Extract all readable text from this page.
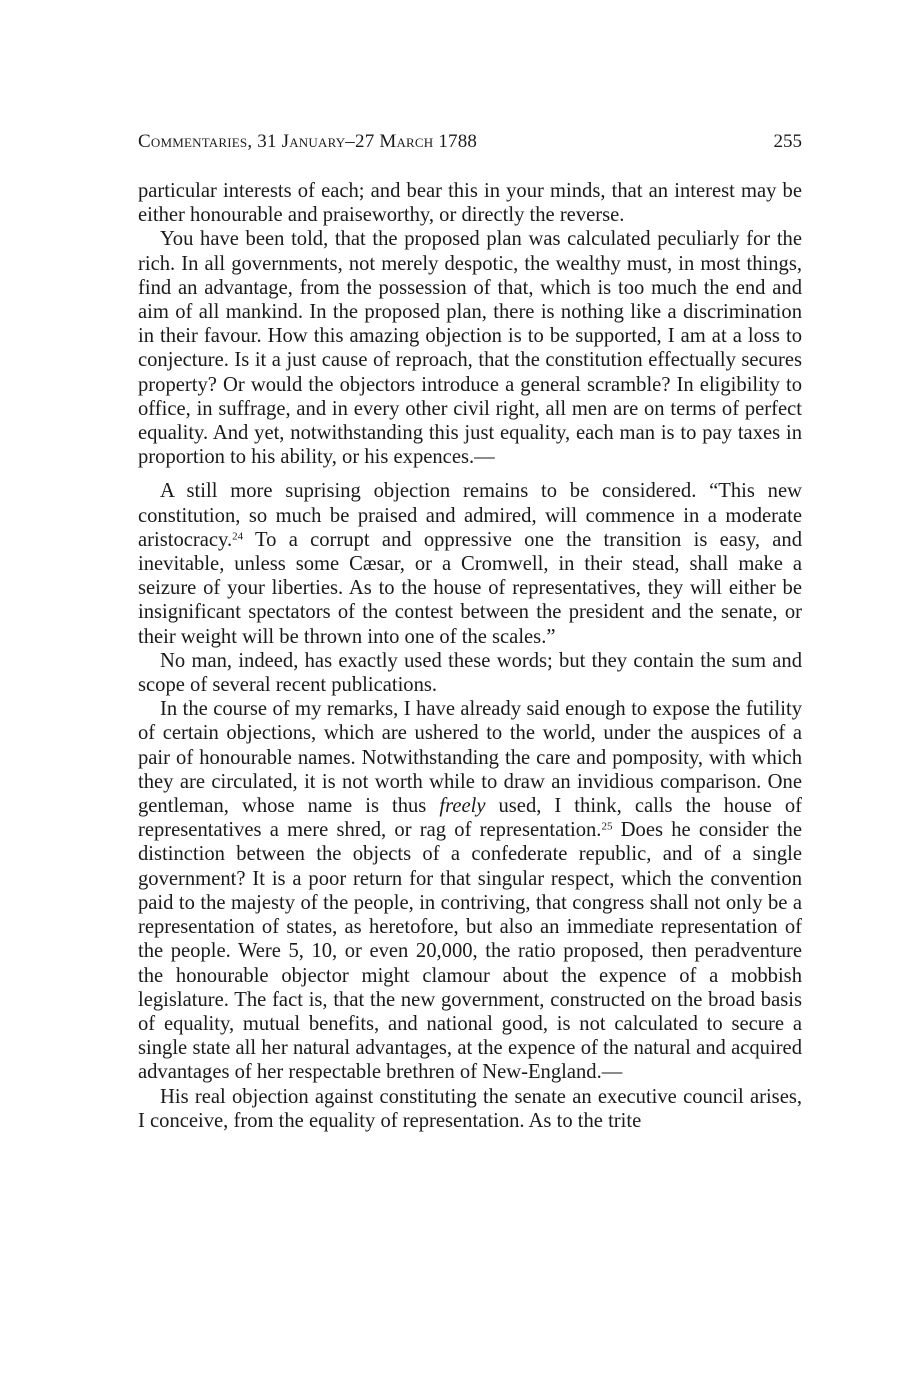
Commentaries, 31 January–27 March 1788	255

particular interests of each; and bear this in your minds, that an interest may be either honourable and praiseworthy, or directly the reverse.

You have been told, that the proposed plan was calculated peculiarly for the rich. In all governments, not merely despotic, the wealthy must, in most things, find an advantage, from the possession of that, which is too much the end and aim of all mankind. In the proposed plan, there is nothing like a discrimination in their favour. How this amazing objection is to be supported, I am at a loss to conjecture. Is it a just cause of reproach, that the constitution effectually secures property? Or would the objectors introduce a general scramble? In eligibility to office, in suffrage, and in every other civil right, all men are on terms of perfect equality. And yet, notwithstanding this just equality, each man is to pay taxes in proportion to his ability, or his expences.—

A still more suprising objection remains to be considered. “This new constitution, so much be praised and admired, will commence in a moderate aristocracy.$^{24}$ To a corrupt and oppressive one the transition is easy, and inevitable, unless some Cæsar, or a Cromwell, in their stead, shall make a seizure of your liberties. As to the house of representatives, they will either be insignificant spectators of the contest between the president and the senate, or their weight will be thrown into one of the scales.”

No man, indeed, has exactly used these words; but they contain the sum and scope of several recent publications.

In the course of my remarks, I have already said enough to expose the futility of certain objections, which are ushered to the world, under the auspices of a pair of honourable names. Notwithstanding the care and pomposity, with which they are circulated, it is not worth while to draw an invidious comparison. One gentleman, whose name is thus freely used, I think, calls the house of representatives a mere shred, or rag of representation.$^{25}$ Does he consider the distinction between the objects of a confederate republic, and of a single government? It is a poor return for that singular respect, which the convention paid to the majesty of the people, in contriving, that congress shall not only be a representation of states, as heretofore, but also an immediate representation of the people. Were 5, 10, or even 20,000, the ratio proposed, then peradventure the honourable objector might clamour about the expence of a mobbish legislature. The fact is, that the new government, constructed on the broad basis of equality, mutual benefits, and national good, is not calculated to secure a single state all her natural advantages, at the expence of the natural and acquired advantages of her respectable brethren of New-England.—

His real objection against constituting the senate an executive council arises, I conceive, from the equality of representation. As to the trite
